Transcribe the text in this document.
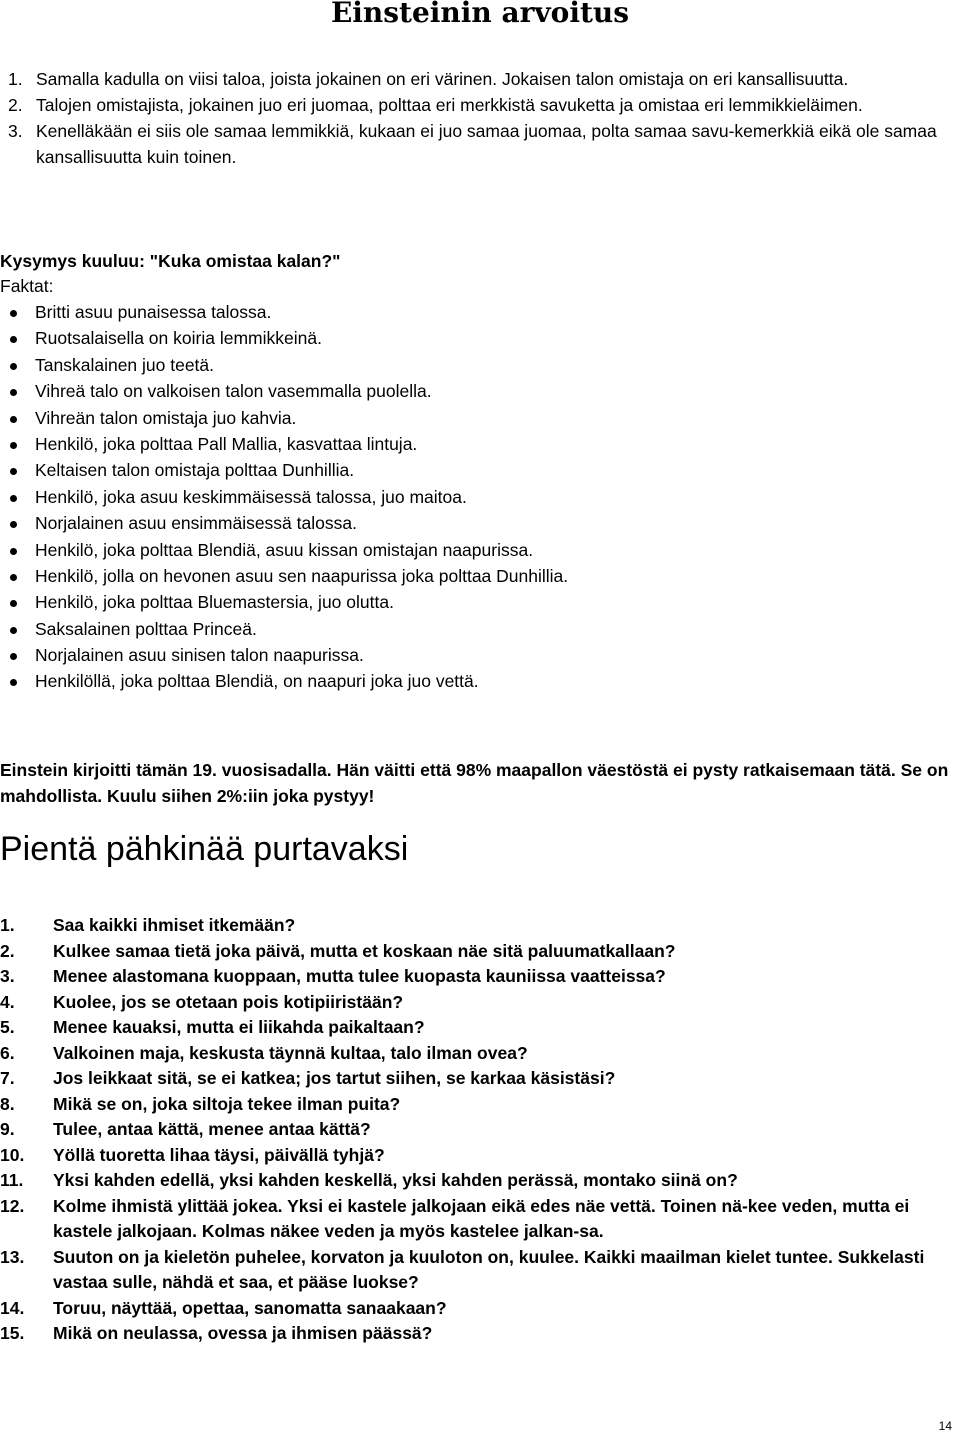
Einsteinin arvoitus
1. Samalla kadulla on viisi taloa, joista jokainen on eri värinen. Jokaisen talon omistaja on eri kansallisuutta.
2. Talojen omistajista, jokainen juo eri juomaa, polttaa eri merkkistä savuketta ja omistaa eri lemmikkieläimen.
3. Kenelläkään ei siis ole samaa lemmikkiä, kukaan ei juo samaa juomaa, polta samaa savu-kemerkkiä eikä ole samaa kansallisuutta kuin toinen.

Kysymys kuuluu: "Kuka omistaa kalan?"

Faktat:

Britti asuu punaisessa talossa.
Ruotsalaisella on koiria lemmikkeinä.
Tanskalainen juo teetä.
Vihreä talo on valkoisen talon vasemmalla puolella.
Vihreän talon omistaja juo kahvia.
Henkilö, joka polttaa Pall Mallia, kasvattaa lintuja.
Keltaisen talon omistaja polttaa Dunhillia.
Henkilö, joka asuu keskimmäisessä talossa, juo maitoa.
Norjalainen asuu ensimmäisessä talossa.
Henkilö, joka polttaa Blendiä, asuu kissan omistajan naapurissa.
Henkilö, jolla on hevonen asuu sen naapurissa joka polttaa Dunhillia.
Henkilö, joka polttaa Bluemastersia, juo olutta.
Saksalainen polttaa Princeä.
Norjalainen asuu sinisen talon naapurissa.
Henkilöllä, joka polttaa Blendiä, on naapuri joka juo vettä.

Einstein kirjoitti tämän 19. vuosisadalla. Hän väitti että 98% maapallon väestöstä ei pysty ratkaisemaan tätä. Se on mahdollista. Kuulu siihen 2%:iin joka pystyy!

Pientä pähkinää purtavaksi
1. Saa kaikki ihmiset itkemään?
2. Kulkee samaa tietä joka päivä, mutta et koskaan näe sitä paluumatkallaan?
3. Menee alastomana kuoppaan, mutta tulee kuopasta kauniissa vaatteissa?
4. Kuolee, jos se otetaan pois kotipiiristään?
5. Menee kauaksi, mutta ei liikahda paikaltaan?
6. Valkoinen maja, keskusta täynnä kultaa, talo ilman ovea?
7. Jos leikkaat sitä, se ei katkea; jos tartut siihen, se karkaa käsistäsi?
8. Mikä se on, joka siltoja tekee ilman puita?
9. Tulee, antaa kättä, menee antaa kättä?
10. Yöllä tuoretta lihaa täysi, päivällä tyhjä?
11. Yksi kahden edellä, yksi kahden keskellä, yksi kahden perässä, montako siinä on?
12. Kolme ihmistä ylittää jokea. Yksi ei kastele jalkojaan eikä edes näe vettä. Toinen nä-kee veden, mutta ei kastele jalkojaan. Kolmas näkee veden ja myös kastelee jalkan-sa.
13. Suuton on ja kieletön puhelee, korvaton ja kuuloton on, kuulee. Kaikki maailman kielet tuntee. Sukkelasti vastaa sulle, nähdä et saa, et pääse luokse?
14. Toruu, näyttää, opettaa, sanomatta sanaakaan?
15. Mikä on neulassa, ovessa ja ihmisen päässä?

14
